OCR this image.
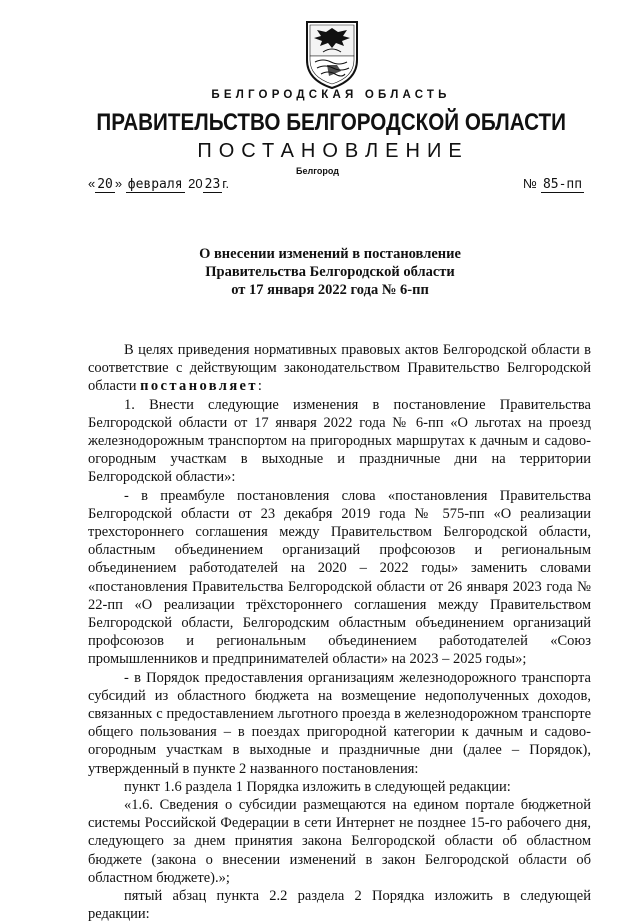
БЕЛГОРОДСКАЯ ОБЛАСТЬ
ПРАВИТЕЛЬСТВО БЕЛГОРОДСКОЙ ОБЛАСТИ
ПОСТАНОВЛЕНИЕ
Белгород
« 20 » февраля 20 23 г.	№ 85-пп
О внесении изменений в постановление
Правительства Белгородской области
от 17 января 2022 года № 6-пп

В целях приведения нормативных правовых актов Белгородской области в соответствие с действующим законодательством Правительство Белгородской области постановляет:

1. Внести следующие изменения в постановление Правительства Белгородской области от 17 января 2022 года № 6-пп «О льготах на проезд железнодорожным транспортом на пригородных маршрутах к дачным и садово-огородным участкам в выходные и праздничные дни на территории Белгородской области»:

- в преамбуле постановления слова «постановления Правительства Белгородской области от 23 декабря 2019 года № 575-пп «О реализации трехстороннего соглашения между Правительством Белгородской области, областным объединением организаций профсоюзов и региональным объединением работодателей на 2020 – 2022 годы» заменить словами «постановления Правительства Белгородской области от 26 января 2023 года № 22-пп «О реализации трёхстороннего соглашения между Правительством Белгородской области, Белгородским областным объединением организаций профсоюзов и региональным объединением работодателей «Союз промышленников и предпринимателей области» на 2023 – 2025 годы»;

- в Порядок предоставления организациям железнодорожного транспорта субсидий из областного бюджета на возмещение недополученных доходов, связанных с предоставлением льготного проезда в железнодорожном транспорте общего пользования – в поездах пригородной категории к дачным и садово-огородным участкам в выходные и праздничные дни (далее – Порядок), утвержденный в пункте 2 названного постановления:

пункт 1.6 раздела 1 Порядка изложить в следующей редакции:

«1.6. Сведения о субсидии размещаются на едином портале бюджетной системы Российской Федерации в сети Интернет не позднее 15-го рабочего дня, следующего за днем принятия закона Белгородской области об областном бюджете (закона о внесении изменений в закон Белгородской области об областном бюджете).»;

пятый абзац пункта 2.2 раздела 2 Порядка изложить в следующей редакции:
